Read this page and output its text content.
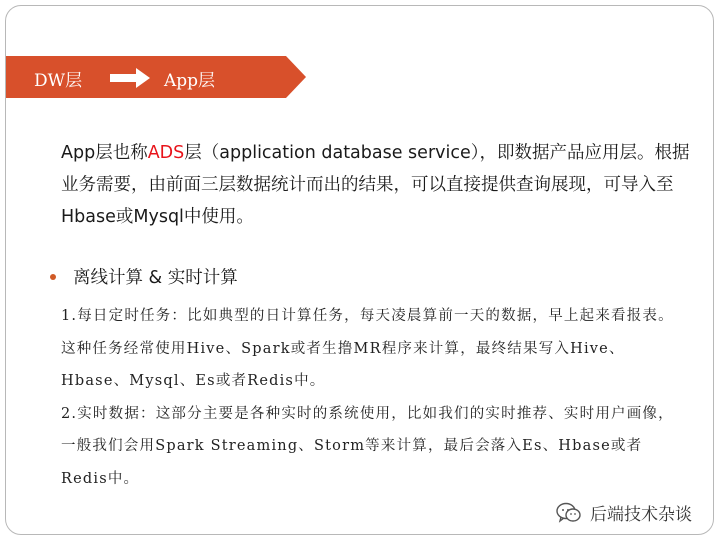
DW层	App层
App层也称ADS层（application database service），即数据产品应用层。根据业务需要，由前面三层数据统计而出的结果，可以直接提供查询展现，可导入至Hbase或Mysql中使用。
离线计算 & 实时计算

1.每日定时任务：比如典型的日计算任务，每天凌晨算前一天的数据，早上起来看报表。这种任务经常使用Hive、Spark或者生撸MR程序来计算，最终结果写入Hive、Hbase、Mysql、Es或者Redis中。

2.实时数据：这部分主要是各种实时的系统使用，比如我们的实时推荐、实时用户画像，一般我们会用Spark Streaming、Storm等来计算，最后会落入Es、Hbase或者Redis中。

后端技术杂谈
